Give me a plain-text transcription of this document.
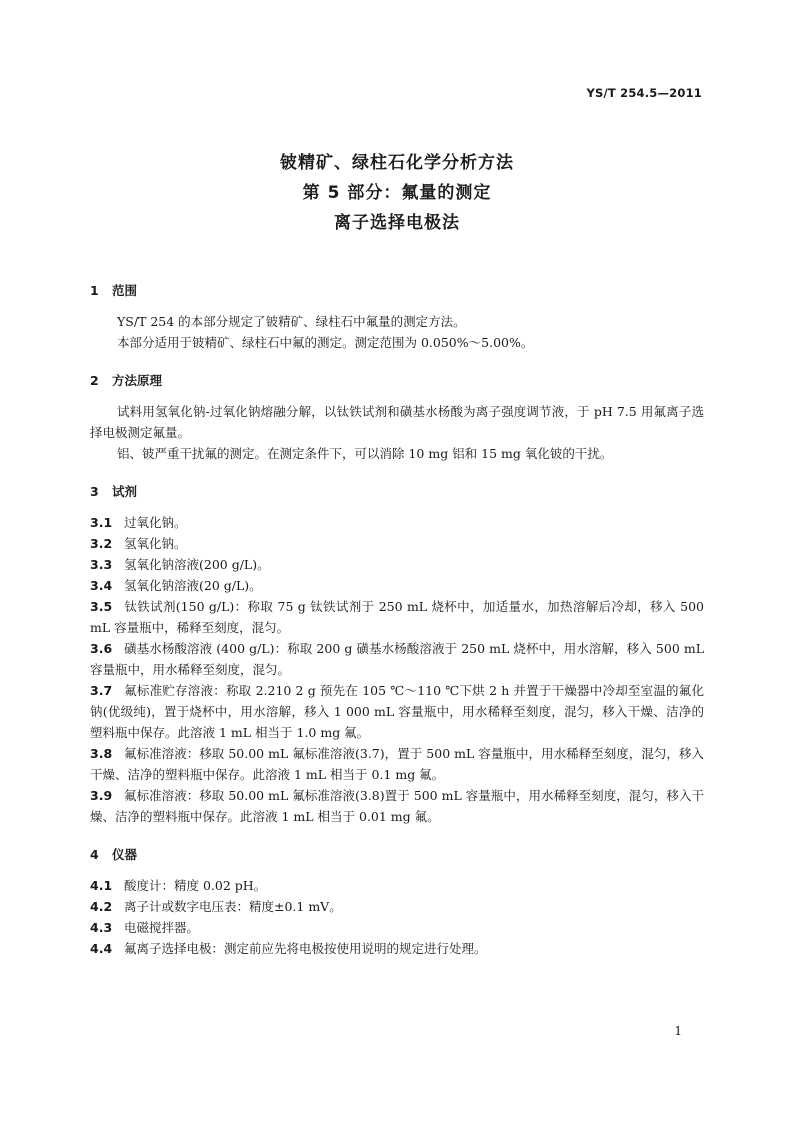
YS/T 254.5—2011
铍精矿、绿柱石化学分析方法
第 5 部分：氟量的测定
离子选择电极法
1 范围

YS/T 254 的本部分规定了铍精矿、绿柱石中氟量的测定方法。

本部分适用于铍精矿、绿柱石中氟的测定。测定范围为 0.050%～5.00%。

2 方法原理

试料用氢氧化钠-过氧化钠熔融分解，以钛铁试剂和磺基水杨酸为离子强度调节液，于 pH 7.5 用氟离子选择电极测定氟量。

铝、铍严重干扰氟的测定。在测定条件下，可以消除 10 mg 铝和 15 mg 氧化铍的干扰。

3 试剂

3.1 过氧化钠。

3.2 氢氧化钠。

3.3 氢氧化钠溶液(200 g/L)。

3.4 氢氧化钠溶液(20 g/L)。

3.5 钛铁试剂(150 g/L)：称取 75 g 钛铁试剂于 250 mL 烧杯中，加适量水，加热溶解后冷却，移入 500 mL 容量瓶中，稀释至刻度，混匀。

3.6 磺基水杨酸溶液 (400 g/L)：称取 200 g 磺基水杨酸溶液于 250 mL 烧杯中，用水溶解，移入 500 mL 容量瓶中，用水稀释至刻度，混匀。

3.7 氟标准贮存溶液：称取 2.210 2 g 预先在 105 ℃～110 ℃下烘 2 h 并置于干燥器中冷却至室温的氟化钠(优级纯)，置于烧杯中，用水溶解，移入 1 000 mL 容量瓶中，用水稀释至刻度，混匀，移入干燥、洁净的塑料瓶中保存。此溶液 1 mL 相当于 1.0 mg 氟。

3.8 氟标准溶液：移取 50.00 mL 氟标准溶液(3.7)，置于 500 mL 容量瓶中，用水稀释至刻度，混匀，移入干燥、洁净的塑料瓶中保存。此溶液 1 mL 相当于 0.1 mg 氟。

3.9 氟标准溶液：移取 50.00 mL 氟标准溶液(3.8)置于 500 mL 容量瓶中，用水稀释至刻度，混匀，移入干燥、洁净的塑料瓶中保存。此溶液 1 mL 相当于 0.01 mg 氟。

4 仪器

4.1 酸度计：精度 0.02 pH。

4.2 离子计或数字电压表：精度±0.1 mV。

4.3 电磁搅拌器。

4.4 氟离子选择电极：测定前应先将电极按使用说明的规定进行处理。

1
